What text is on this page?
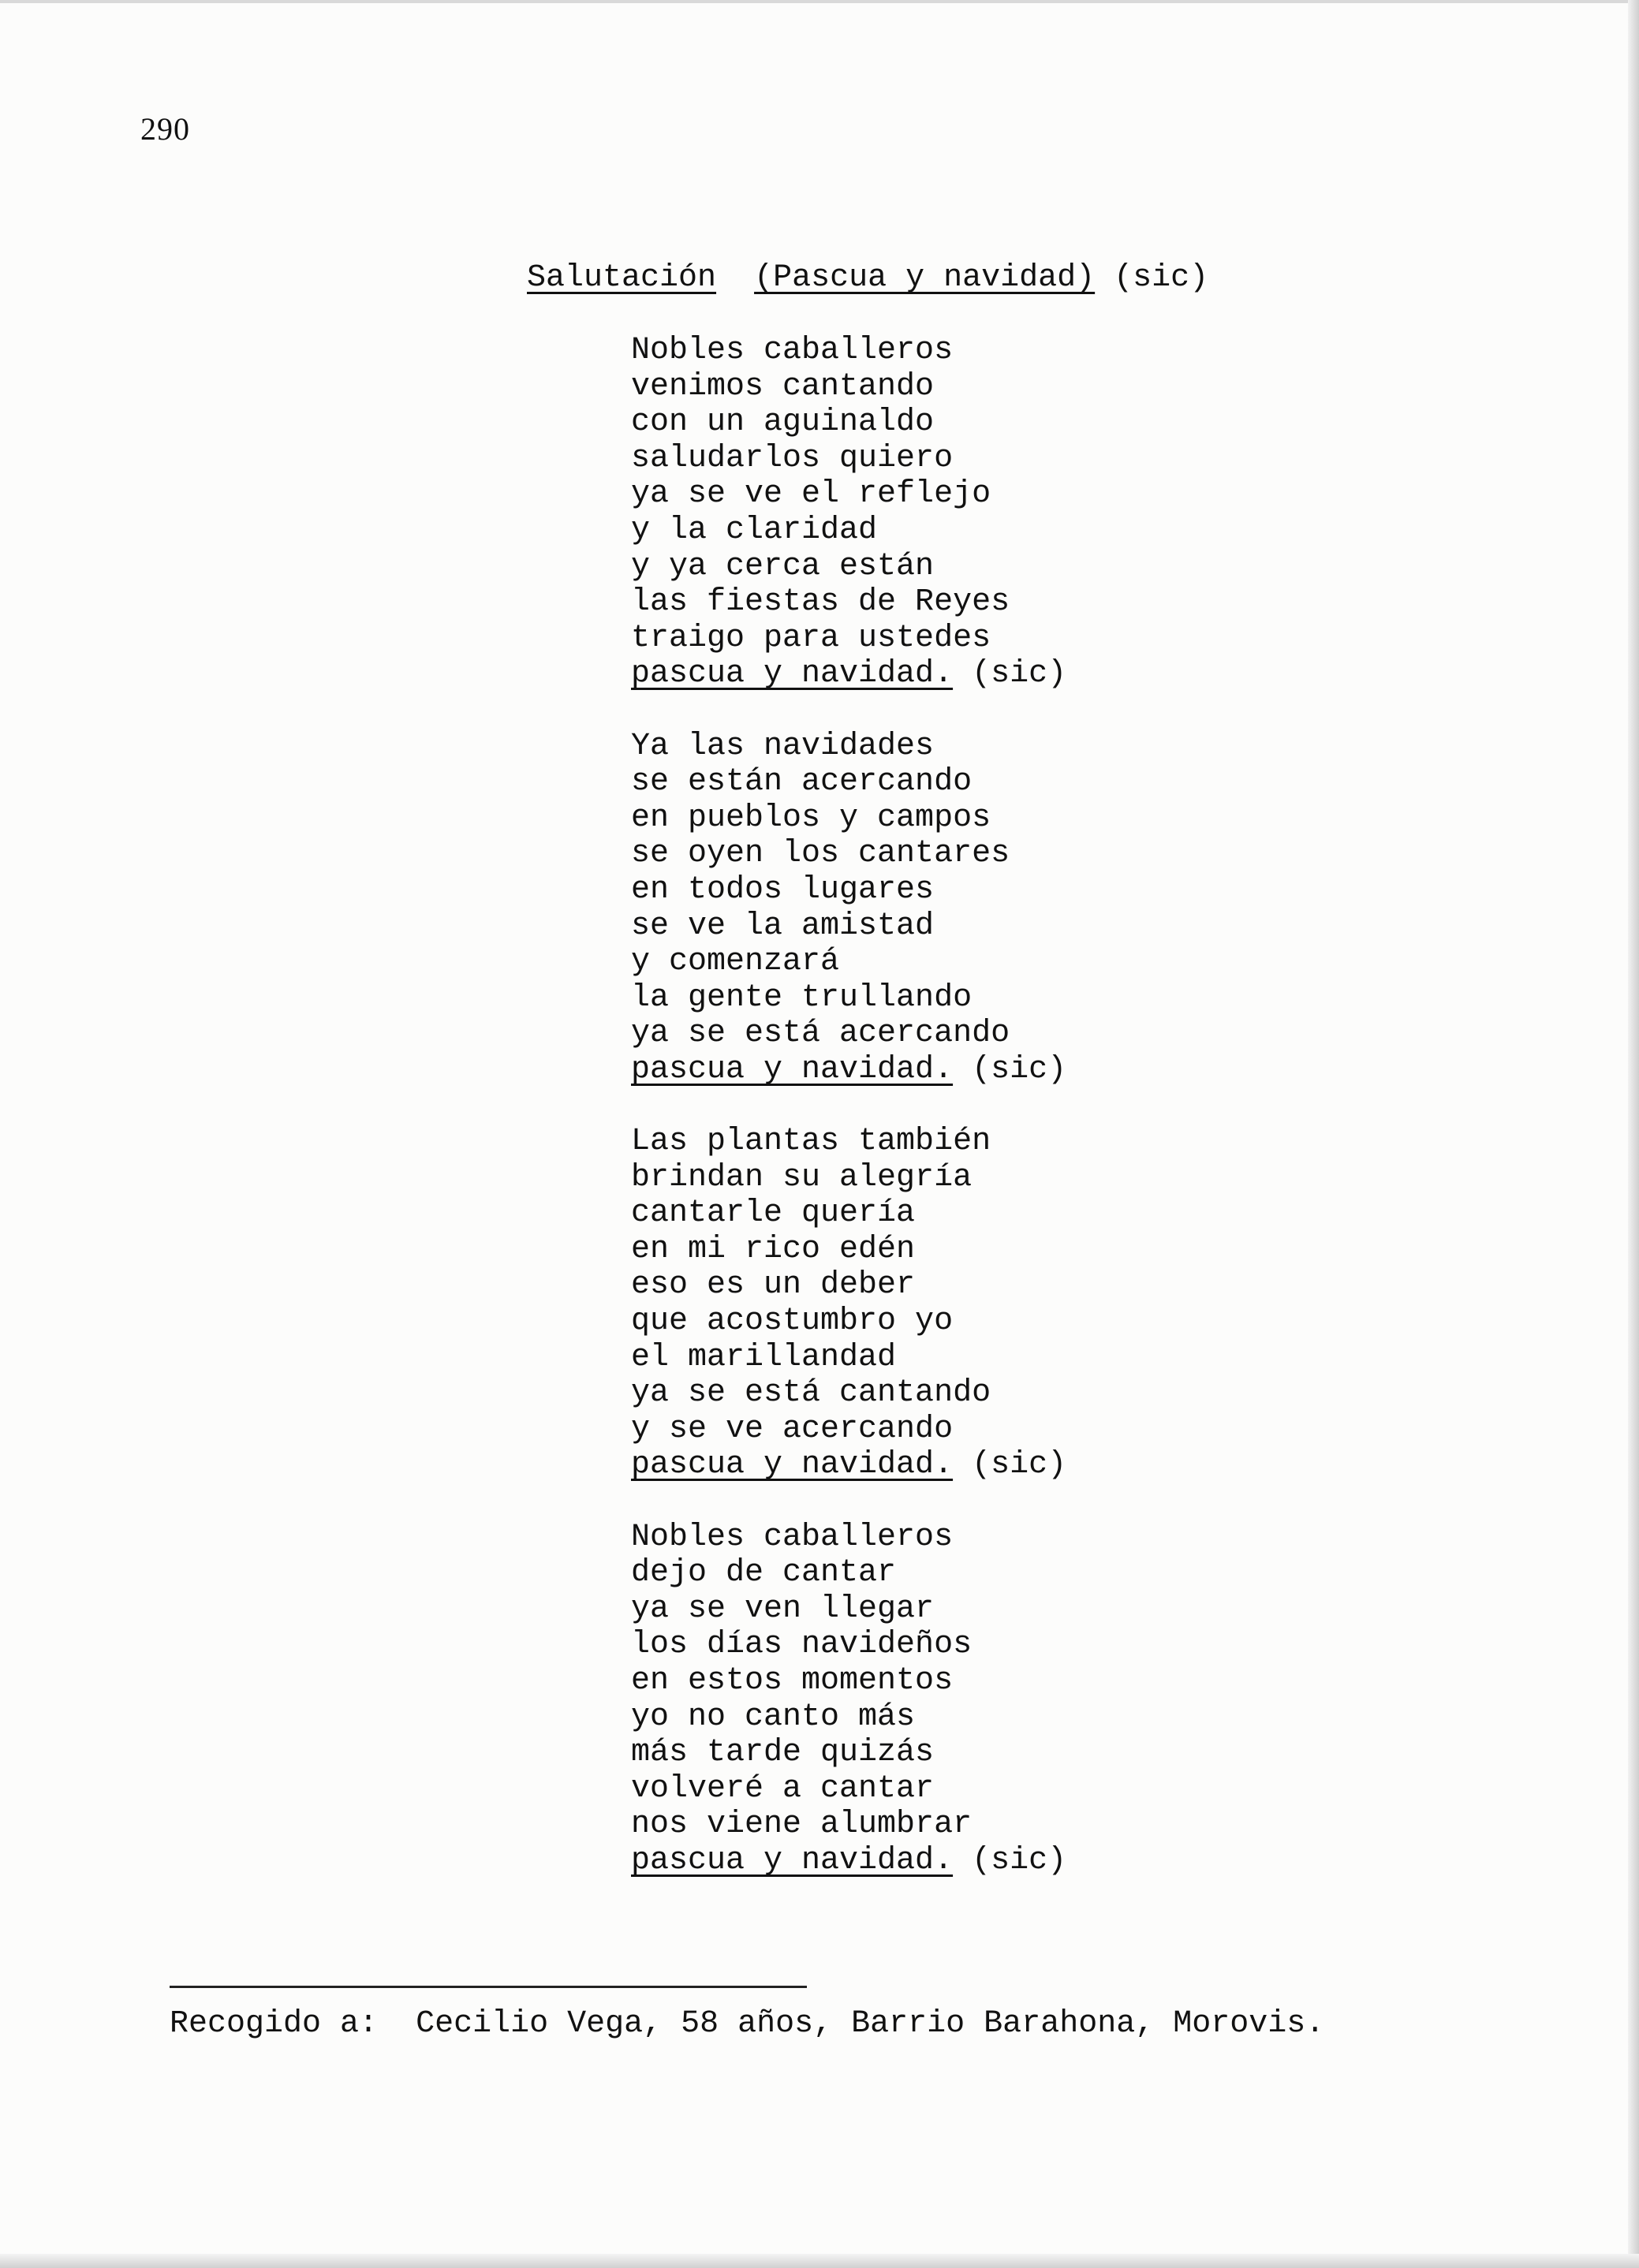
290
Salutación (Pascua y navidad) (sic)
Nobles caballeros
venimos cantando
con un aguinaldo
saludarlos quiero
ya se ve el reflejo
y la claridad
y ya cerca están
las fiestas de Reyes
traigo para ustedes
pascua y navidad. (sic)
Ya las navidades
se están acercando
en pueblos y campos
se oyen los cantares
en todos lugares
se ve la amistad
y comenzará
la gente trullando
ya se está acercando
pascua y navidad. (sic)
Las plantas también
brindan su alegría
cantarle quería
en mi rico edén
eso es un deber
que acostumbro yo
el marillandad
ya se está cantando
y se ve acercando
pascua y navidad. (sic)
Nobles caballeros
dejo de cantar
ya se ven llegar
los días navideños
en estos momentos
yo no canto más
más tarde quizás
volveré a cantar
nos viene alumbrar
pascua y navidad. (sic)
Recogido a: Cecilio Vega, 58 años, Barrio Barahona, Morovis.
